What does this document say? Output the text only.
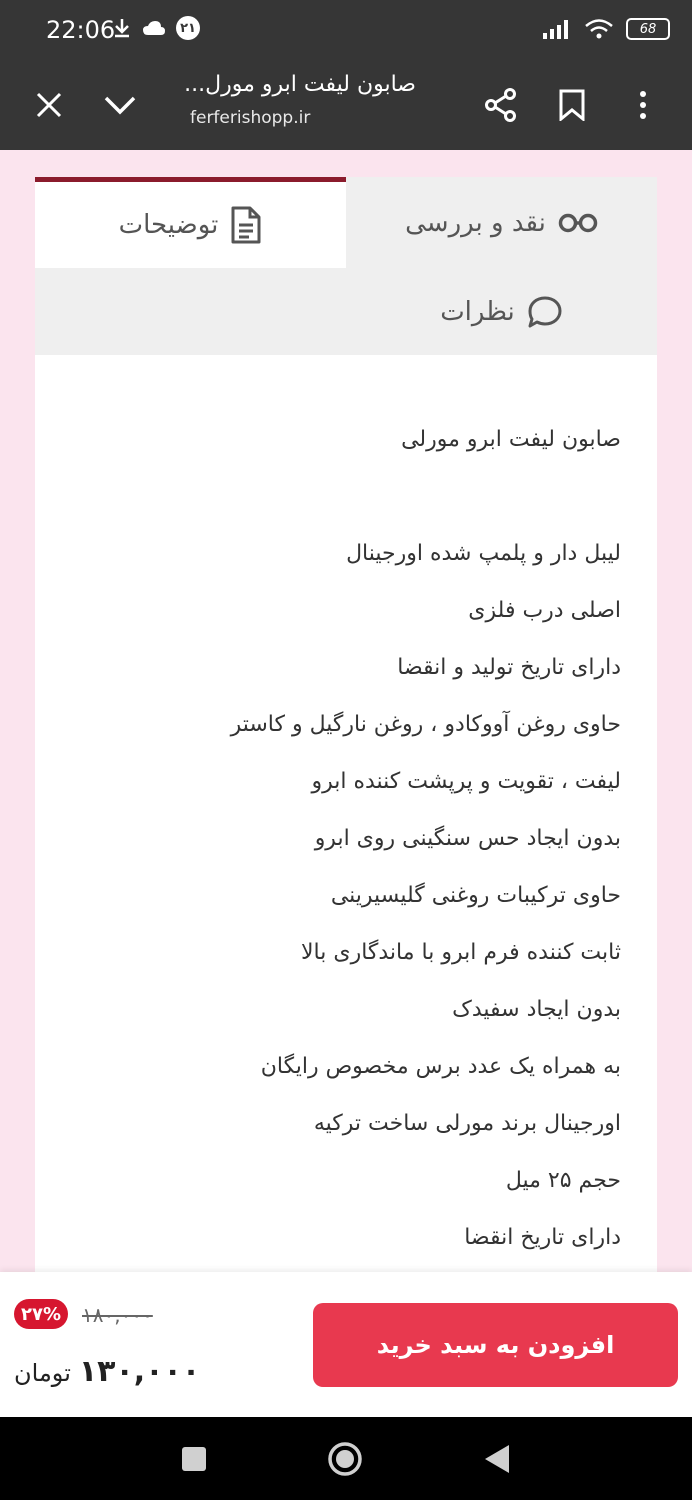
22:06	۲۱	68
صابون لیفت ابرو مورل...
ferferishopp.ir
توضیحات	نقد و بررسی
نظرات

صابون لیفت ابرو مورلی

لیبل دار و پلمپ شده اورجینال

اصلی درب فلزی

دارای تاریخ تولید و انقضا

حاوی روغن آووکادو ، روغن نارگیل و کاستر

لیفت ، تقویت و پرپشت کننده ابرو

بدون ایجاد حس سنگینی روی ابرو

حاوی ترکیبات روغنی گلیسیرینی

ثابت کننده فرم ابرو با ماندگاری بالا

بدون ایجاد سفیدک

به همراه یک عدد برس مخصوص رایگان

اورجینال برند مورلی ساخت ترکیه

حجم ۲۵ میل

دارای تاریخ انقضا

افزودن به سبد خرید
۲۷%	۱۸۰,۰۰۰
۱۳۰,۰۰۰
تومان
